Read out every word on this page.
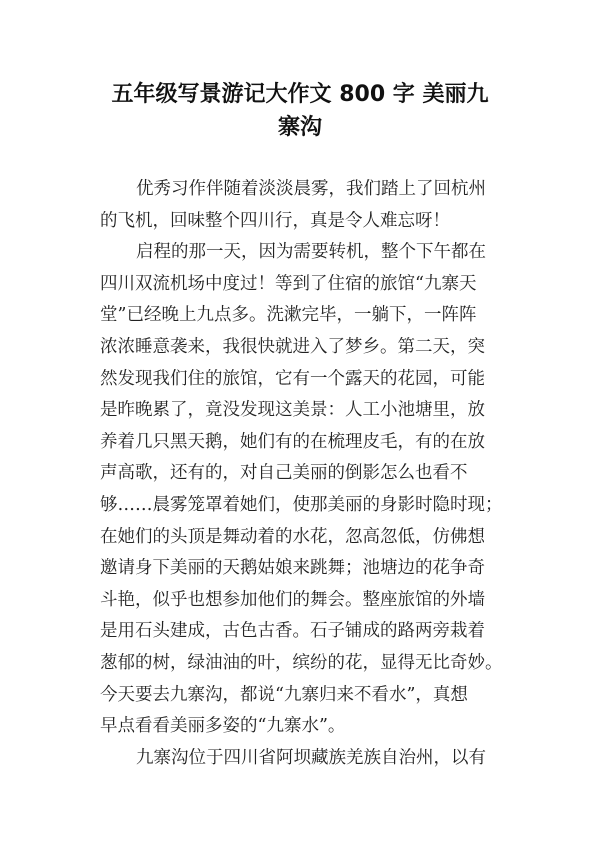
五年级写景游记大作文 800 字 美丽九
寨沟
优秀习作伴随着淡淡晨雾，我们踏上了回杭州
的飞机，回味整个四川行，真是令人难忘呀！
启程的那一天，因为需要转机，整个下午都在
四川双流机场中度过！等到了住宿的旅馆“九寨天
堂”已经晚上九点多。洗漱完毕，一躺下，一阵阵
浓浓睡意袭来，我很快就进入了梦乡。第二天，突
然发现我们住的旅馆，它有一个露天的花园，可能
是昨晚累了，竟没发现这美景：人工小池塘里，放
养着几只黑天鹅，她们有的在梳理皮毛，有的在放
声高歌，还有的，对自己美丽的倒影怎么也看不
够……晨雾笼罩着她们，使那美丽的身影时隐时现；
在她们的头顶是舞动着的水花，忽高忽低，仿佛想
邀请身下美丽的天鹅姑娘来跳舞；池塘边的花争奇
斗艳，似乎也想参加他们的舞会。整座旅馆的外墙
是用石头建成，古色古香。石子铺成的路两旁栽着
葱郁的树，绿油油的叶，缤纷的花，显得无比奇妙。
今天要去九寨沟，都说“九寨归来不看水”，真想
早点看看美丽多姿的“九寨水”。
九寨沟位于四川省阿坝藏族羌族自治州，以有
